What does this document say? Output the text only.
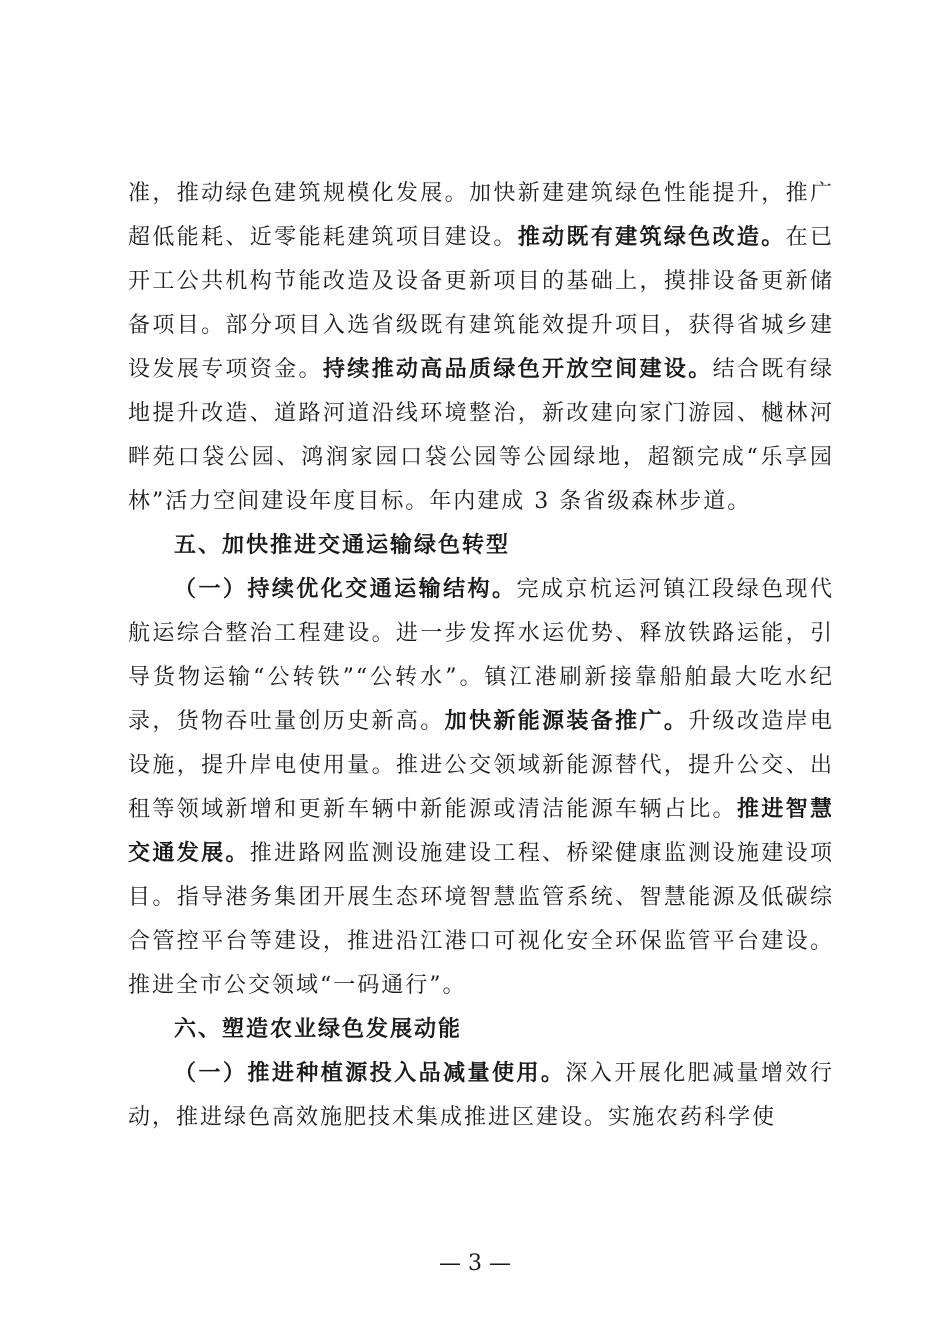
准，推动绿色建筑规模化发展。加快新建建筑绿色性能提升，推广超低能耗、近零能耗建筑项目建设。推动既有建筑绿色改造。在已开工公共机构节能改造及设备更新项目的基础上，摸排设备更新储备项目。部分项目入选省级既有建筑能效提升项目，获得省城乡建设发展专项资金。持续推动高品质绿色开放空间建设。结合既有绿地提升改造、道路河道沿线环境整治，新改建向家门游园、樾林河畔苑口袋公园、鸿润家园口袋公园等公园绿地，超额完成“乐享园林”活力空间建设年度目标。年内建成 3 条省级森林步道。

五、加快推进交通运输绿色转型

（一）持续优化交通运输结构。完成京杭运河镇江段绿色现代航运综合整治工程建设。进一步发挥水运优势、释放铁路运能，引导货物运输“公转铁”“公转水”。镇江港刷新接靠船舶最大吃水纪录，货物吞吐量创历史新高。加快新能源装备推广。升级改造岸电设施，提升岸电使用量。推进公交领域新能源替代，提升公交、出租等领域新增和更新车辆中新能源或清洁能源车辆占比。推进智慧交通发展。推进路网监测设施建设工程、桥梁健康监测设施建设项目。指导港务集团开展生态环境智慧监管系统、智慧能源及低碳综合管控平台等建设，推进沿江港口可视化安全环保监管平台建设。推进全市公交领域“一码通行”。

六、塑造农业绿色发展动能

（一）推进种植源投入品减量使用。深入开展化肥减量增效行动，推进绿色高效施肥技术集成推进区建设。实施农药科学使

— 3 —
